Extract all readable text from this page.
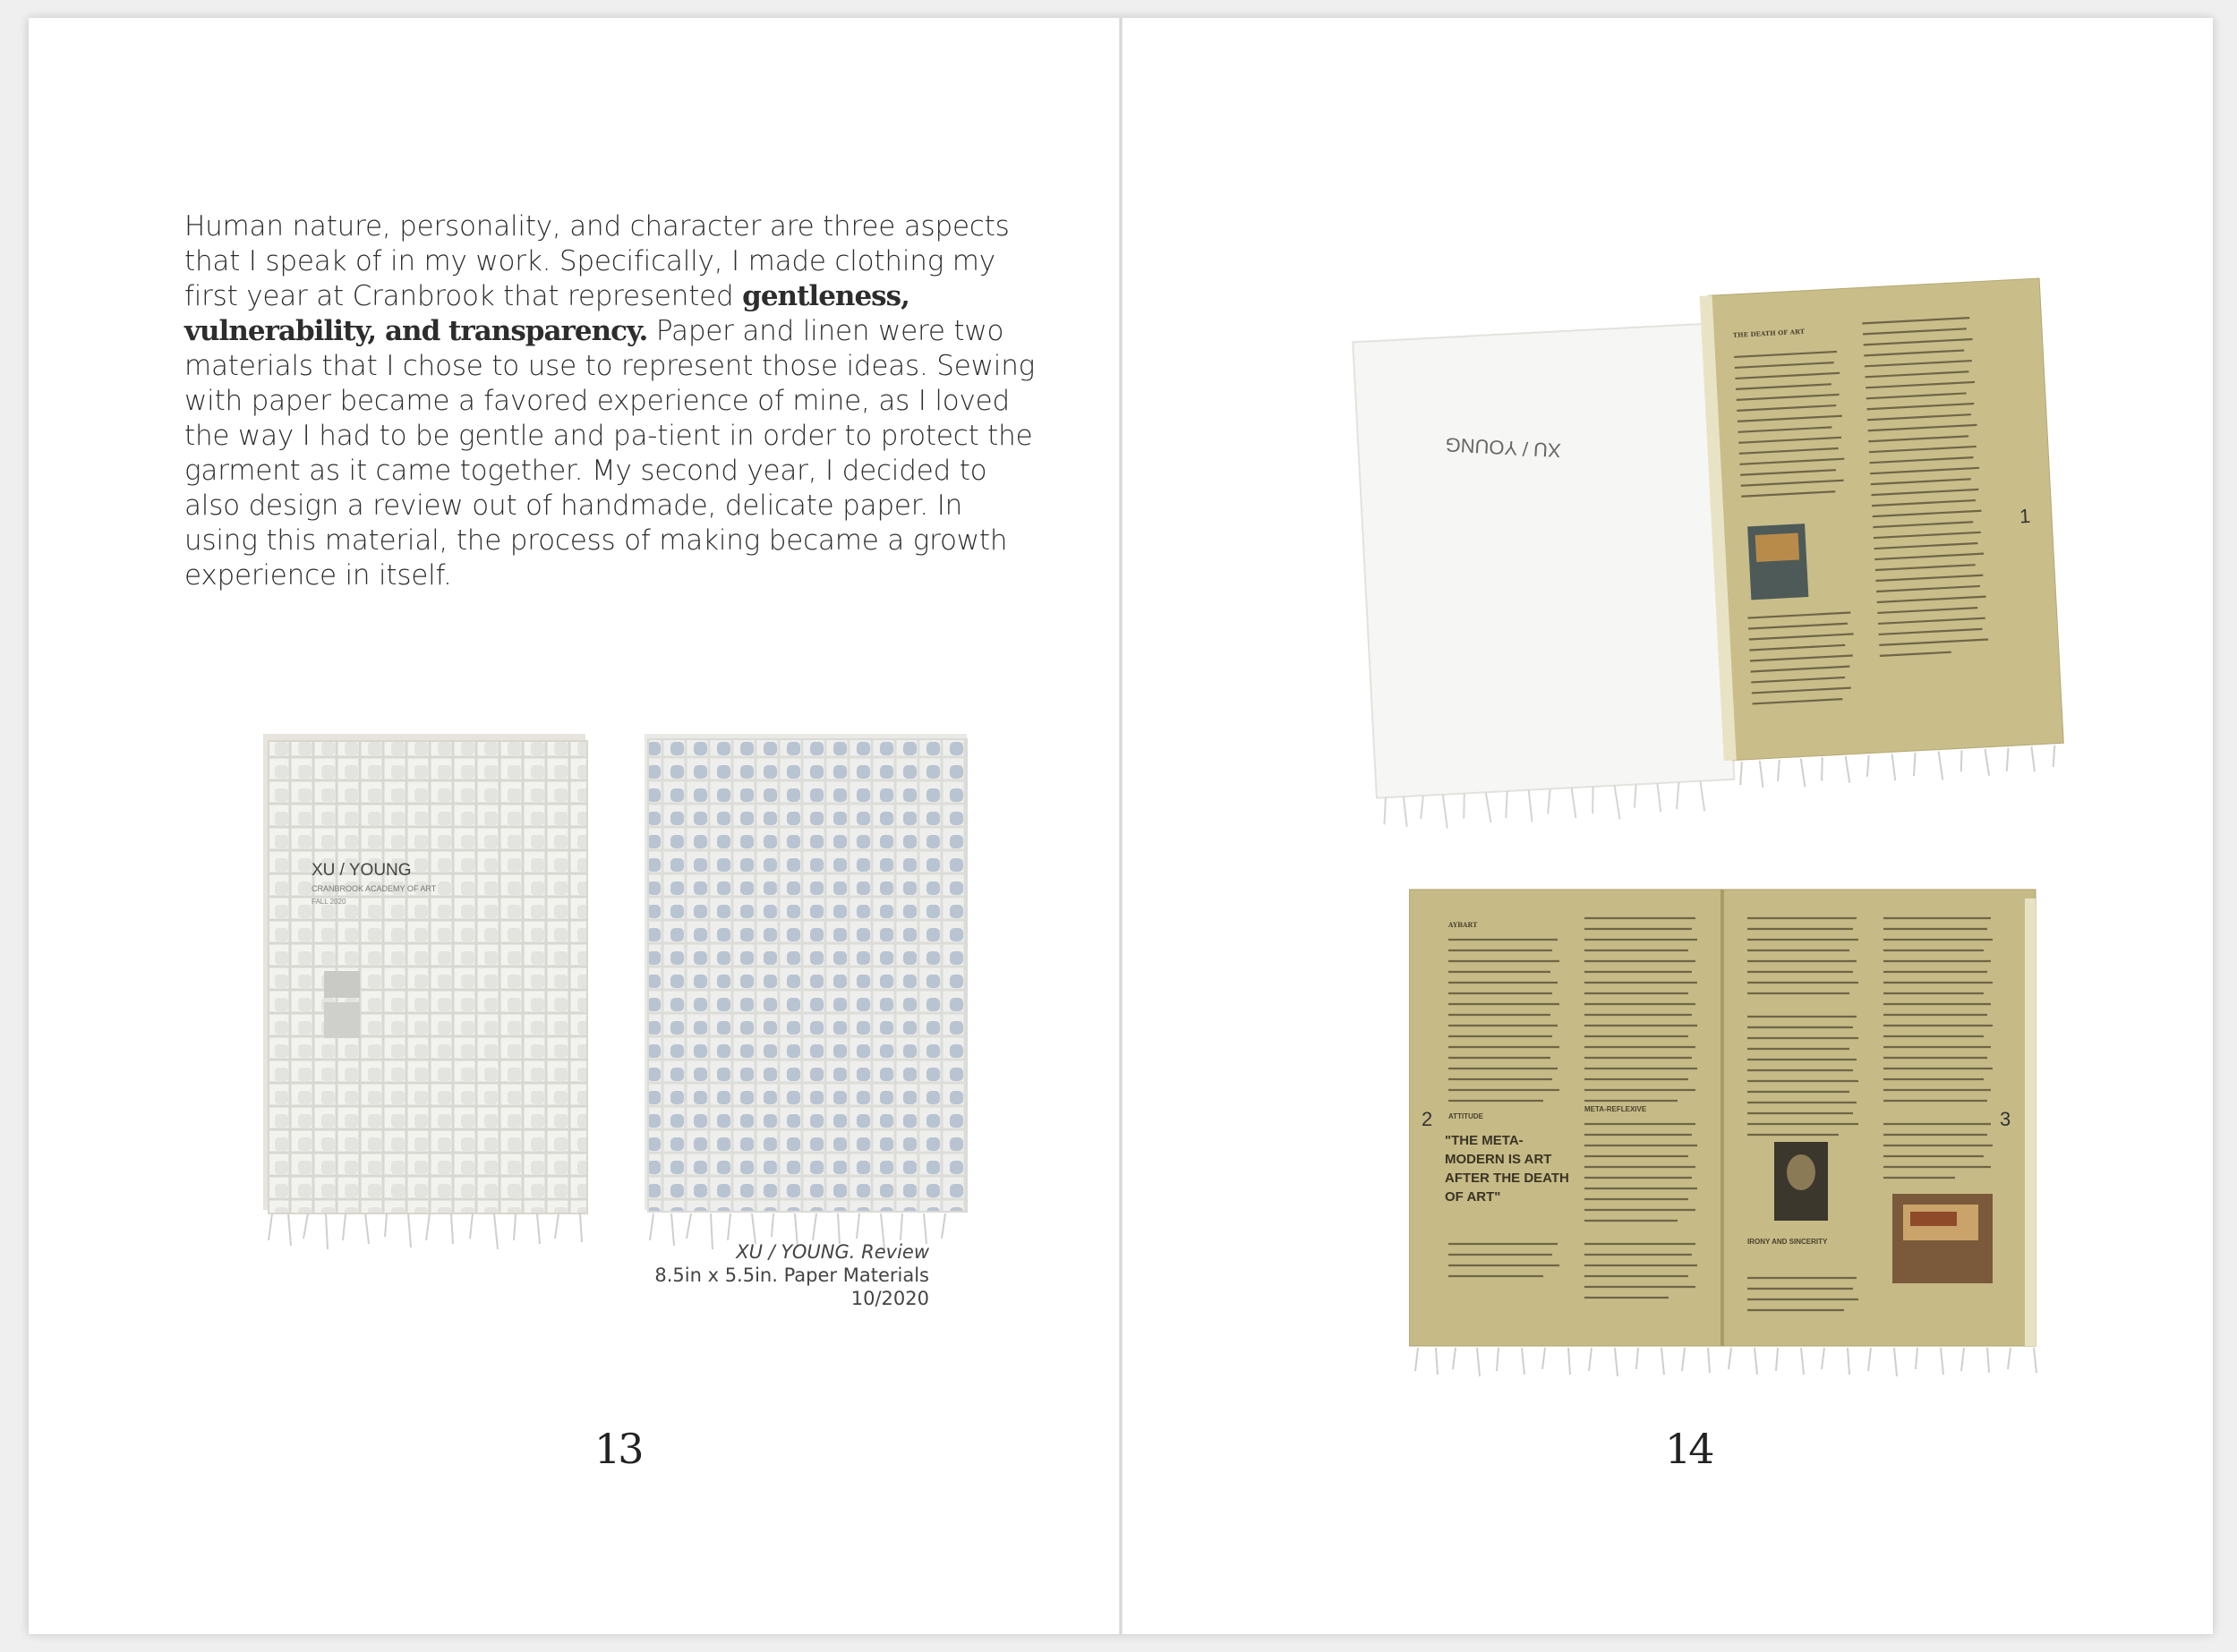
Human nature, personality, and character are three aspects that I speak of in my work. Specifically, I made clothing my first year at Cranbrook that represented gentleness, vulnerability, and transparency. Paper and linen were two materials that I chose to use to represent those ideas. Sewing with paper became a favored experience of mine, as I loved the way I had to be gentle and pa-tient in order to protect the garment as it came together. My second year, I decided to also design a review out of handmade, delicate paper. In using this material, the process of making became a growth experience in itself.
XU / YOUNG
CRANBROOK ACADEMY OF ART
FALL 2020
XU / YOUNG. Review
8.5in x 5.5in. Paper Materials
10/2020
13
XU / YOUNG
THE DEATH OF ART
1
AYBART
ATTITUDE
META-REFLEXIVE
IRONY AND SINCERITY
"THE META-MODERN IS ART AFTER THE DEATH OF ART"
2	3
14
